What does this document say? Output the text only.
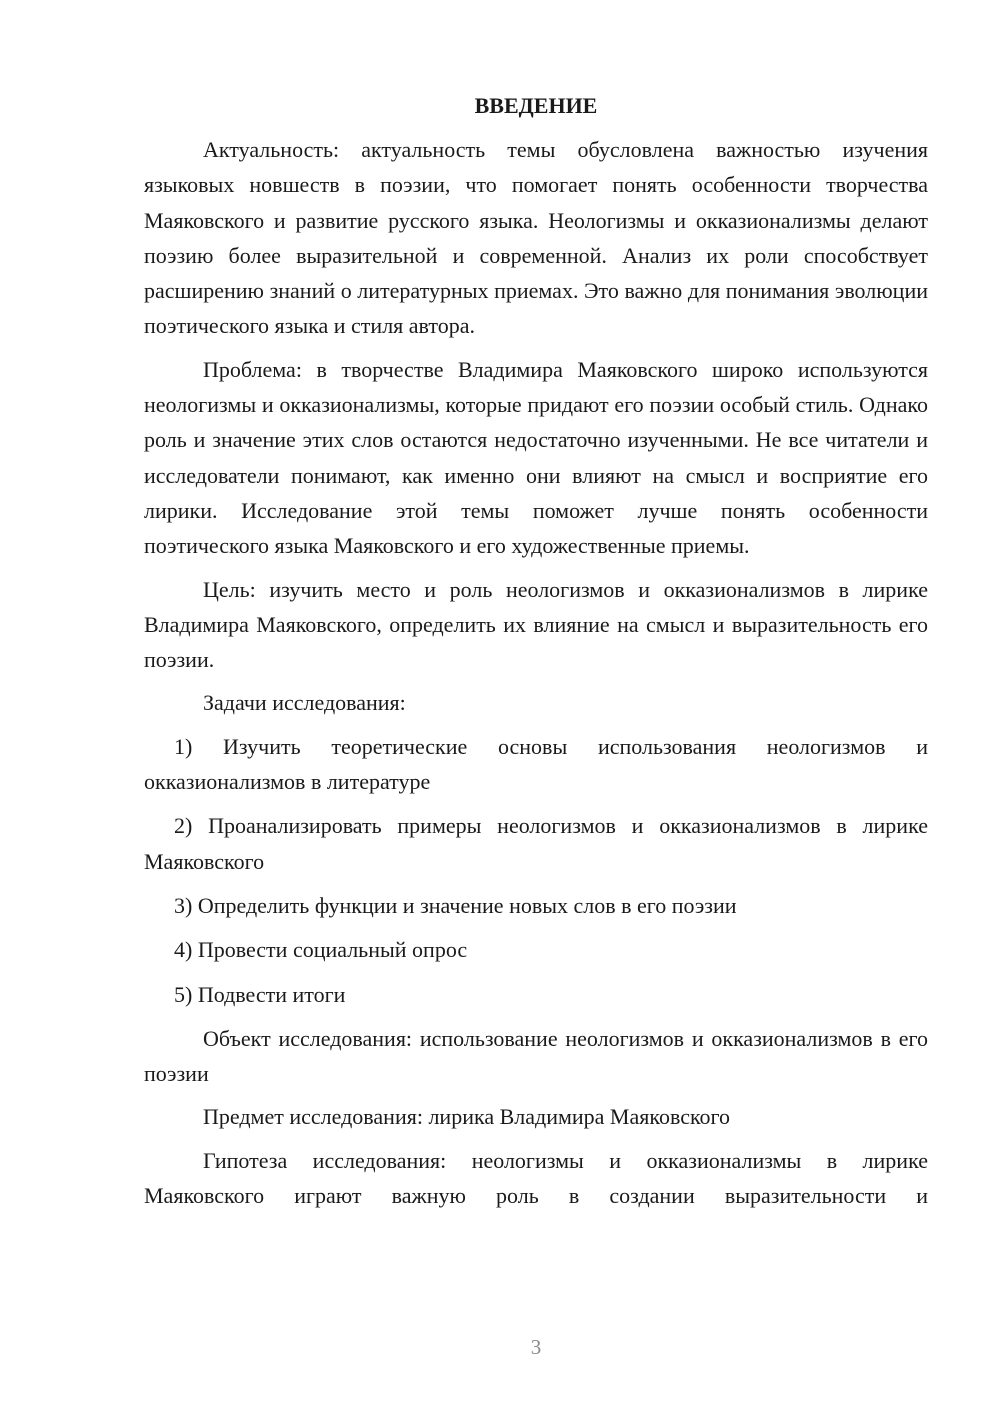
ВВЕДЕНИЕ

Актуальность: актуальность темы обусловлена важностью изучения языковых новшеств в поэзии, что помогает понять особенности творчества Маяковского и развитие русского языка. Неологизмы и окказионализмы делают поэзию более выразительной и современной. Анализ их роли способствует расширению знаний о литературных приемах. Это важно для понимания эволюции поэтического языка и стиля автора.

Проблема: в творчестве Владимира Маяковского широко используются неологизмы и окказионализмы, которые придают его поэзии особый стиль. Однако роль и значение этих слов остаются недостаточно изученными. Не все читатели и исследователи понимают, как именно они влияют на смысл и восприятие его лирики. Исследование этой темы поможет лучше понять особенности поэтического языка Маяковского и его художественные приемы.

Цель: изучить место и роль неологизмов и окказионализмов в лирике Владимира Маяковского, определить их влияние на смысл и выразительность его поэзии.

Задачи исследования:

1) Изучить теоретические основы использования неологизмов и окказионализмов в литературе

2) Проанализировать примеры неологизмов и окказионализмов в лирике Маяковского

3) Определить функции и значение новых слов в его поэзии

4) Провести социальный опрос

5) Подвести итоги

Объект исследования: использование неологизмов и окказионализмов в его поэзии

Предмет исследования: лирика Владимира Маяковского

Гипотеза исследования: неологизмы и окказионализмы в лирике Маяковского играют важную роль в создании выразительности и

3
